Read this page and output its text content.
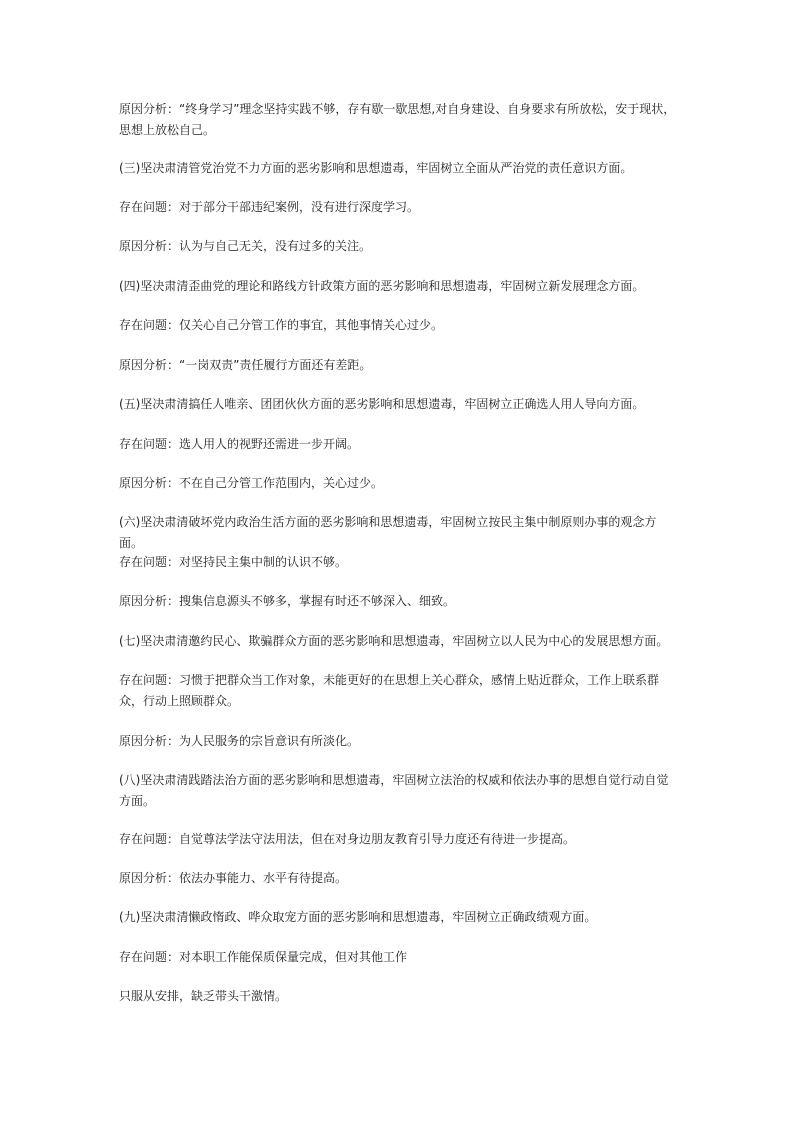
原因分析：“终身学习”理念坚持实践不够，存有歇一歇思想,对自身建设、自身要求有所放松，安于现状，思想上放松自己。

(三)坚决肃清管党治党不力方面的恶劣影响和思想遗毒，牢固树立全面从严治党的责任意识方面。

存在问题：对于部分干部违纪案例，没有进行深度学习。

原因分析：认为与自己无关，没有过多的关注。

(四)坚决肃清歪曲党的理论和路线方针政策方面的恶劣影响和思想遗毒，牢固树立新发展理念方面。

存在问题：仅关心自己分管工作的事宜，其他事情关心过少。

原因分析：“一岗双责”责任履行方面还有差距。

(五)坚决肃清搞任人唯亲、团团伙伙方面的恶劣影响和思想遗毒，牢固树立正确选人用人导向方面。

存在问题：选人用人的视野还需进一步开阔。

原因分析：不在自己分管工作范围内，关心过少。

(六)坚决肃清破坏党内政治生活方面的恶劣影响和思想遗毒，牢固树立按民主集中制原则办事的观念方面。

存在问题：对坚持民主集中制的认识不够。

原因分析：搜集信息源头不够多，掌握有时还不够深入、细致。

(七)坚决肃清邀约民心、欺骗群众方面的恶劣影响和思想遗毒，牢固树立以人民为中心的发展思想方面。

存在问题：习惯于把群众当工作对象，未能更好的在思想上关心群众，感情上贴近群众，工作上联系群众，行动上照顾群众。

原因分析：为人民服务的宗旨意识有所淡化。

(八)坚决肃清践踏法治方面的恶劣影响和思想遗毒，牢固树立法治的权威和依法办事的思想自觉行动自觉方面。

存在问题：自觉尊法学法守法用法，但在对身边朋友教育引导力度还有待进一步提高。

原因分析：依法办事能力、水平有待提高。

(九)坚决肃清懒政惰政、哗众取宠方面的恶劣影响和思想遗毒，牢固树立正确政绩观方面。

存在问题：对本职工作能保质保量完成，但对其他工作

只服从安排，缺乏带头干激情。
